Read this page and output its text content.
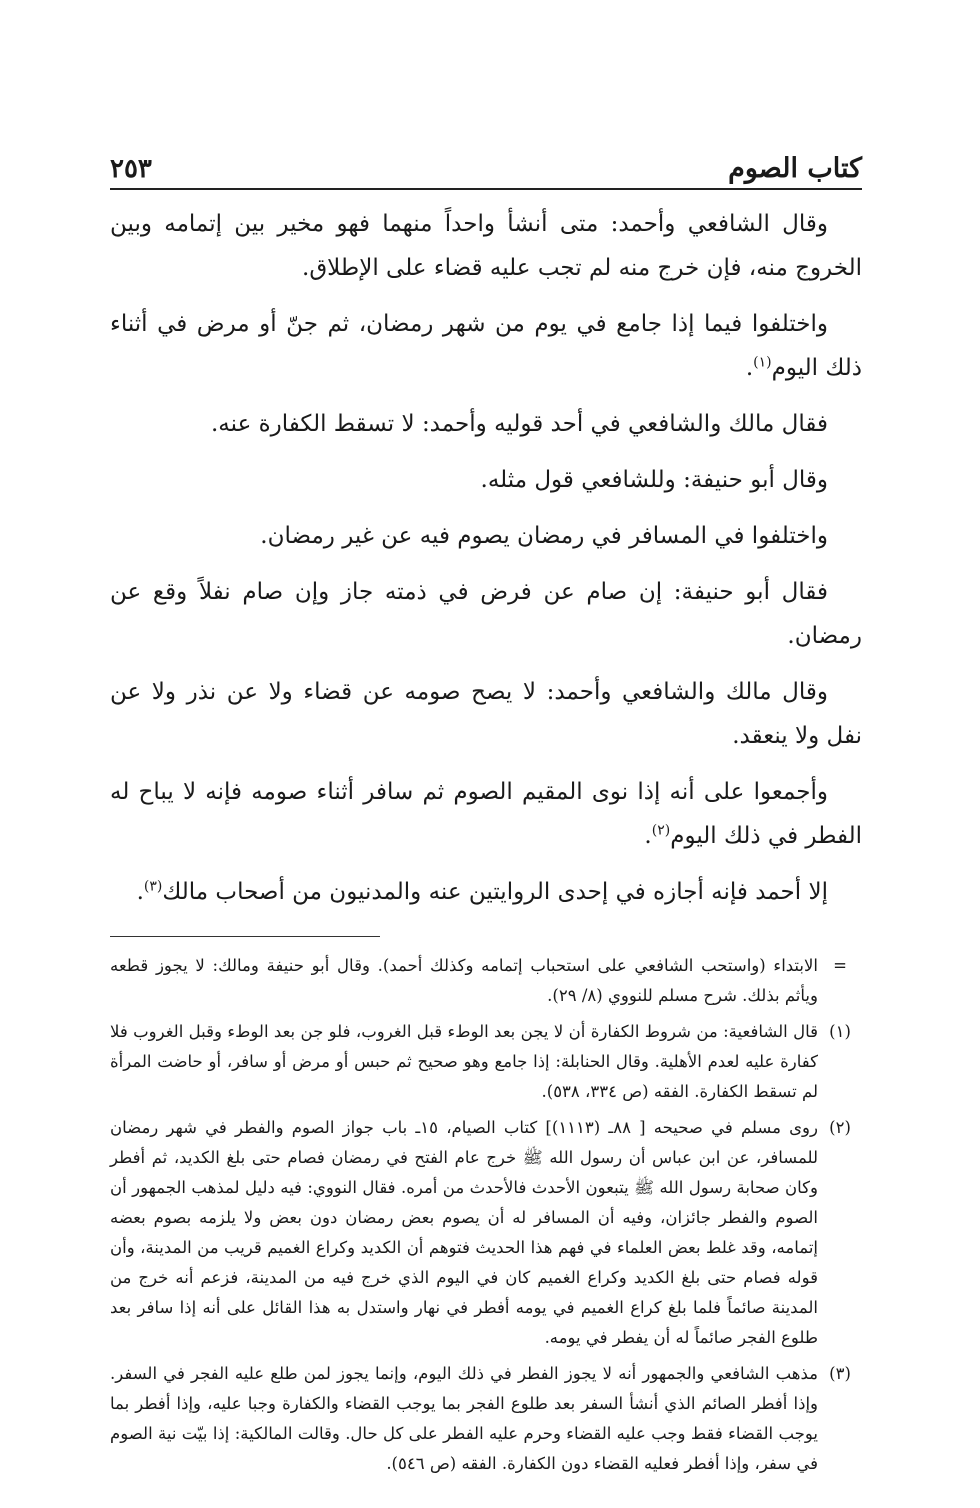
كتاب الصوم
٢٥٣

وقال الشافعي وأحمد: متى أنشأ واحداً منهما فهو مخير بين إتمامه وبين الخروج منه، فإن خرج منه لم تجب عليه قضاء على الإطلاق.

واختلفوا فيما إذا جامع في يوم من شهر رمضان، ثم جنّ أو مرض في أثناء ذلك اليوم$^{(١)}$.

فقال مالك والشافعي في أحد قوليه وأحمد: لا تسقط الكفارة عنه.

وقال أبو حنيفة: وللشافعي قول مثله.

واختلفوا في المسافر في رمضان يصوم فيه عن غير رمضان.

فقال أبو حنيفة: إن صام عن فرض في ذمته جاز وإن صام نفلاً وقع عن رمضان.

وقال مالك والشافعي وأحمد: لا يصح صومه عن قضاء ولا عن نذر ولا عن نفل ولا ينعقد.

وأجمعوا على أنه إذا نوى المقيم الصوم ثم سافر أثناء صومه فإنه لا يباح له الفطر في ذلك اليوم$^{(٢)}$.

إلا أحمد فإنه أجازه في إحدى الروايتين عنه والمدنيون من أصحاب مالك$^{(٣)}$.

=
الابتداء (واستحب الشافعي على استحباب إتمامه وكذلك أحمد). وقال أبو حنيفة ومالك: لا يجوز قطعه ويأثم بذلك. شرح مسلم للنووي (٨/ ٢٩).
(١)
قال الشافعية: من شروط الكفارة أن لا يجن بعد الوطء قبل الغروب، فلو جن بعد الوطء وقبل الغروب فلا كفارة عليه لعدم الأهلية. وقال الحنابلة: إذا جامع وهو صحيح ثم حبس أو مرض أو سافر، أو حاضت المرأة لم تسقط الكفارة. الفقه (ص ٣٣٤، ٥٣٨).
(٢)
روى مسلم في صحيحه [ ٨٨ـ (١١١٣)] كتاب الصيام، ١٥ـ باب جواز الصوم والفطر في شهر رمضان للمسافر، عن ابن عباس أن رسول الله ﷺ خرج عام الفتح في رمضان فصام حتى بلغ الكديد، ثم أفطر وكان صحابة رسول الله ﷺ يتبعون الأحدث فالأحدث من أمره. فقال النووي: فيه دليل لمذهب الجمهور أن الصوم والفطر جائزان، وفيه أن المسافر له أن يصوم بعض رمضان دون بعض ولا يلزمه بصوم بعضه إتمامه، وقد غلط بعض العلماء في فهم هذا الحديث فتوهم أن الكديد وكراع الغميم قريب من المدينة، وأن قوله فصام حتى بلغ الكديد وكراع الغميم كان في اليوم الذي خرج فيه من المدينة، فزعم أنه خرج من المدينة صائماً فلما بلغ كراع الغميم في يومه أفطر في نهار واستدل به هذا القائل على أنه إذا سافر بعد طلوع الفجر صائماً له أن يفطر في يومه.
(٣)
مذهب الشافعي والجمهور أنه لا يجوز الفطر في ذلك اليوم، وإنما يجوز لمن طلع عليه الفجر في السفر. وإذا أفطر الصائم الذي أنشأ السفر بعد طلوع الفجر بما يوجب القضاء والكفارة وجبا عليه، وإذا أفطر بما يوجب القضاء فقط وجب عليه القضاء وحرم عليه الفطر على كل حال. وقالت المالكية: إذا بيّت نية الصوم في سفر، وإذا أفطر فعليه القضاء دون الكفارة. الفقه (ص ٥٤٦).
